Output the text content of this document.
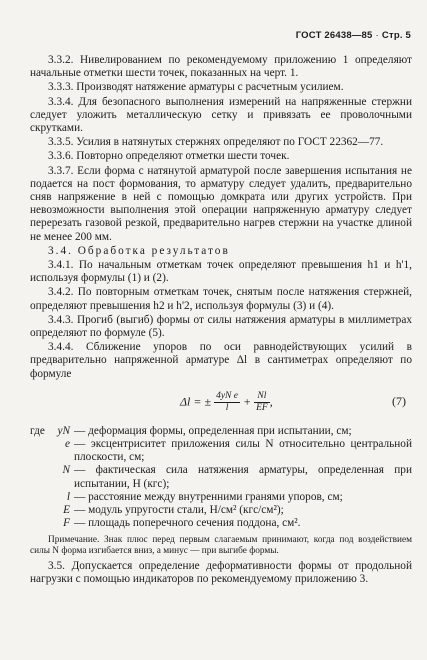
ГОСТ 26438—85 · Стр. 5

3.3.2. Нивелированием по рекомендуемому приложению 1 определяют начальные отметки шести точек, показанных на черт. 1.

3.3.3. Производят натяжение арматуры с расчетным усилием.

3.3.4. Для безопасного выполнения измерений на напряженные стержни следует уложить металлическую сетку и привязать ее проволочными скрутками.

3.3.5. Усилия в натянутых стержнях определяют по ГОСТ 22362—77.

3.3.6. Повторно определяют отметки шести точек.

3.3.7. Если форма с натянутой арматурой после завершения испытания не подается на пост формования, то арматуру следует удалить, предварительно сняв напряжение в ней с помощью домкрата или других устройств. При невозможности выполнения этой операции напряженную арматуру следует перерезать газовой резкой, предварительно нагрев стержни на участке длиной не менее 200 мм.

3.4. Обработка результатов

3.4.1. По начальным отметкам точек определяют превышения h1 и h'1, используя формулы (1) и (2).

3.4.2. По повторным отметкам точек, снятым после натяжения стержней, определяют превышения h2 и h'2, используя формулы (3) и (4).

3.4.3. Прогиб (выгиб) формы от силы натяжения арматуры в миллиметрах определяют по формуле (5).

3.4.4. Сближение упоров по оси равнодействующих усилий в предварительно напряженной арматуре Δl в сантиметрах определяют по формуле

Δl = ± $\frac{\text{4yN e}}{l} + \frac{Nl}{EF}$ ,	(7)
где	yN — деформация формы, определенная при испытании, см;
e — эксцентриситет приложения силы N относительно центральной плоскости, см;
N — фактическая сила натяжения арматуры, определенная при испытании, Н (кгс);
l — расстояние между внутренними гранями упоров, см;
E — модуль упругости стали, Н/см² (кгс/см²);
F — площадь поперечного сечения поддона, см².
Примечание. Знак плюс перед первым слагаемым принимают, когда под воздействием силы N форма изгибается вниз, а минус — при выгибе формы.

3.5. Допускается определение деформативности формы от продольной нагрузки с помощью индикаторов по рекомендуемому приложению 3.
